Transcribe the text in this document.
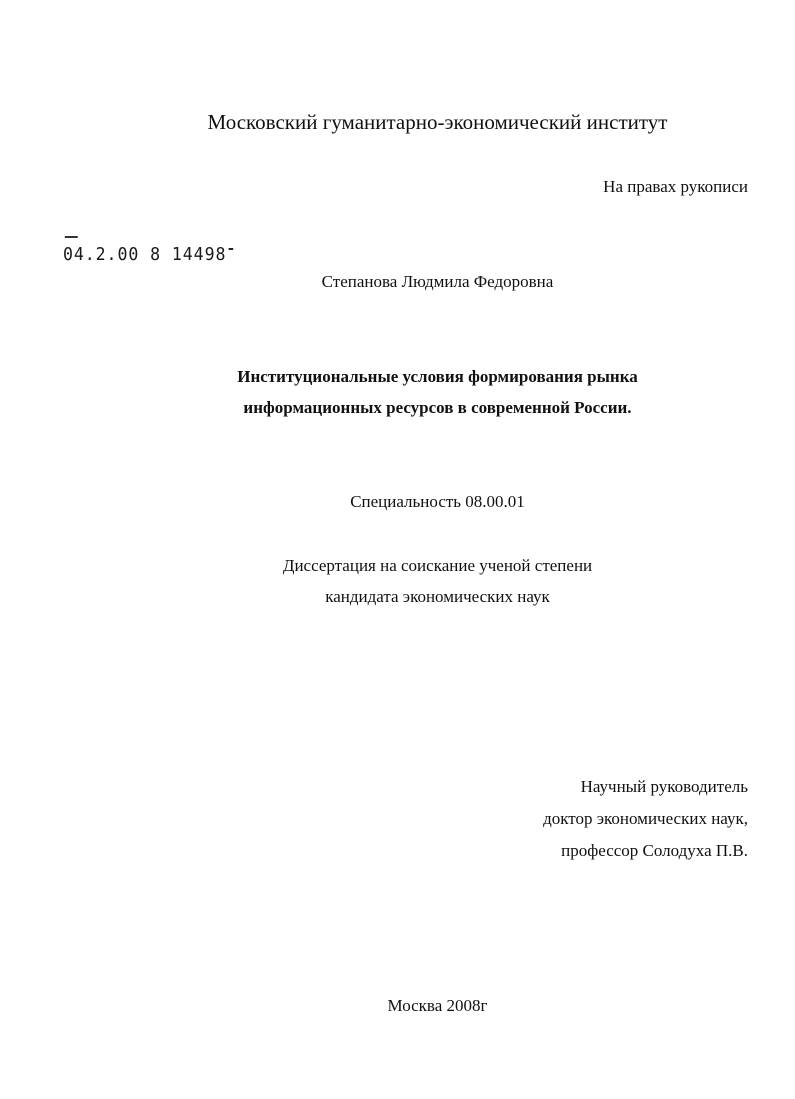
Московский гуманитарно-экономический институт
На правах рукописи
04.2.00 8 14498
Степанова Людмила Федоровна
Институциональные условия формирования рынка
информационных ресурсов в современной России.
Специальность 08.00.01
Диссертация на соискание ученой степени
кандидата экономических наук
Научный руководитель
доктор экономических наук,
профессор Солодуха П.В.
Москва 2008г
